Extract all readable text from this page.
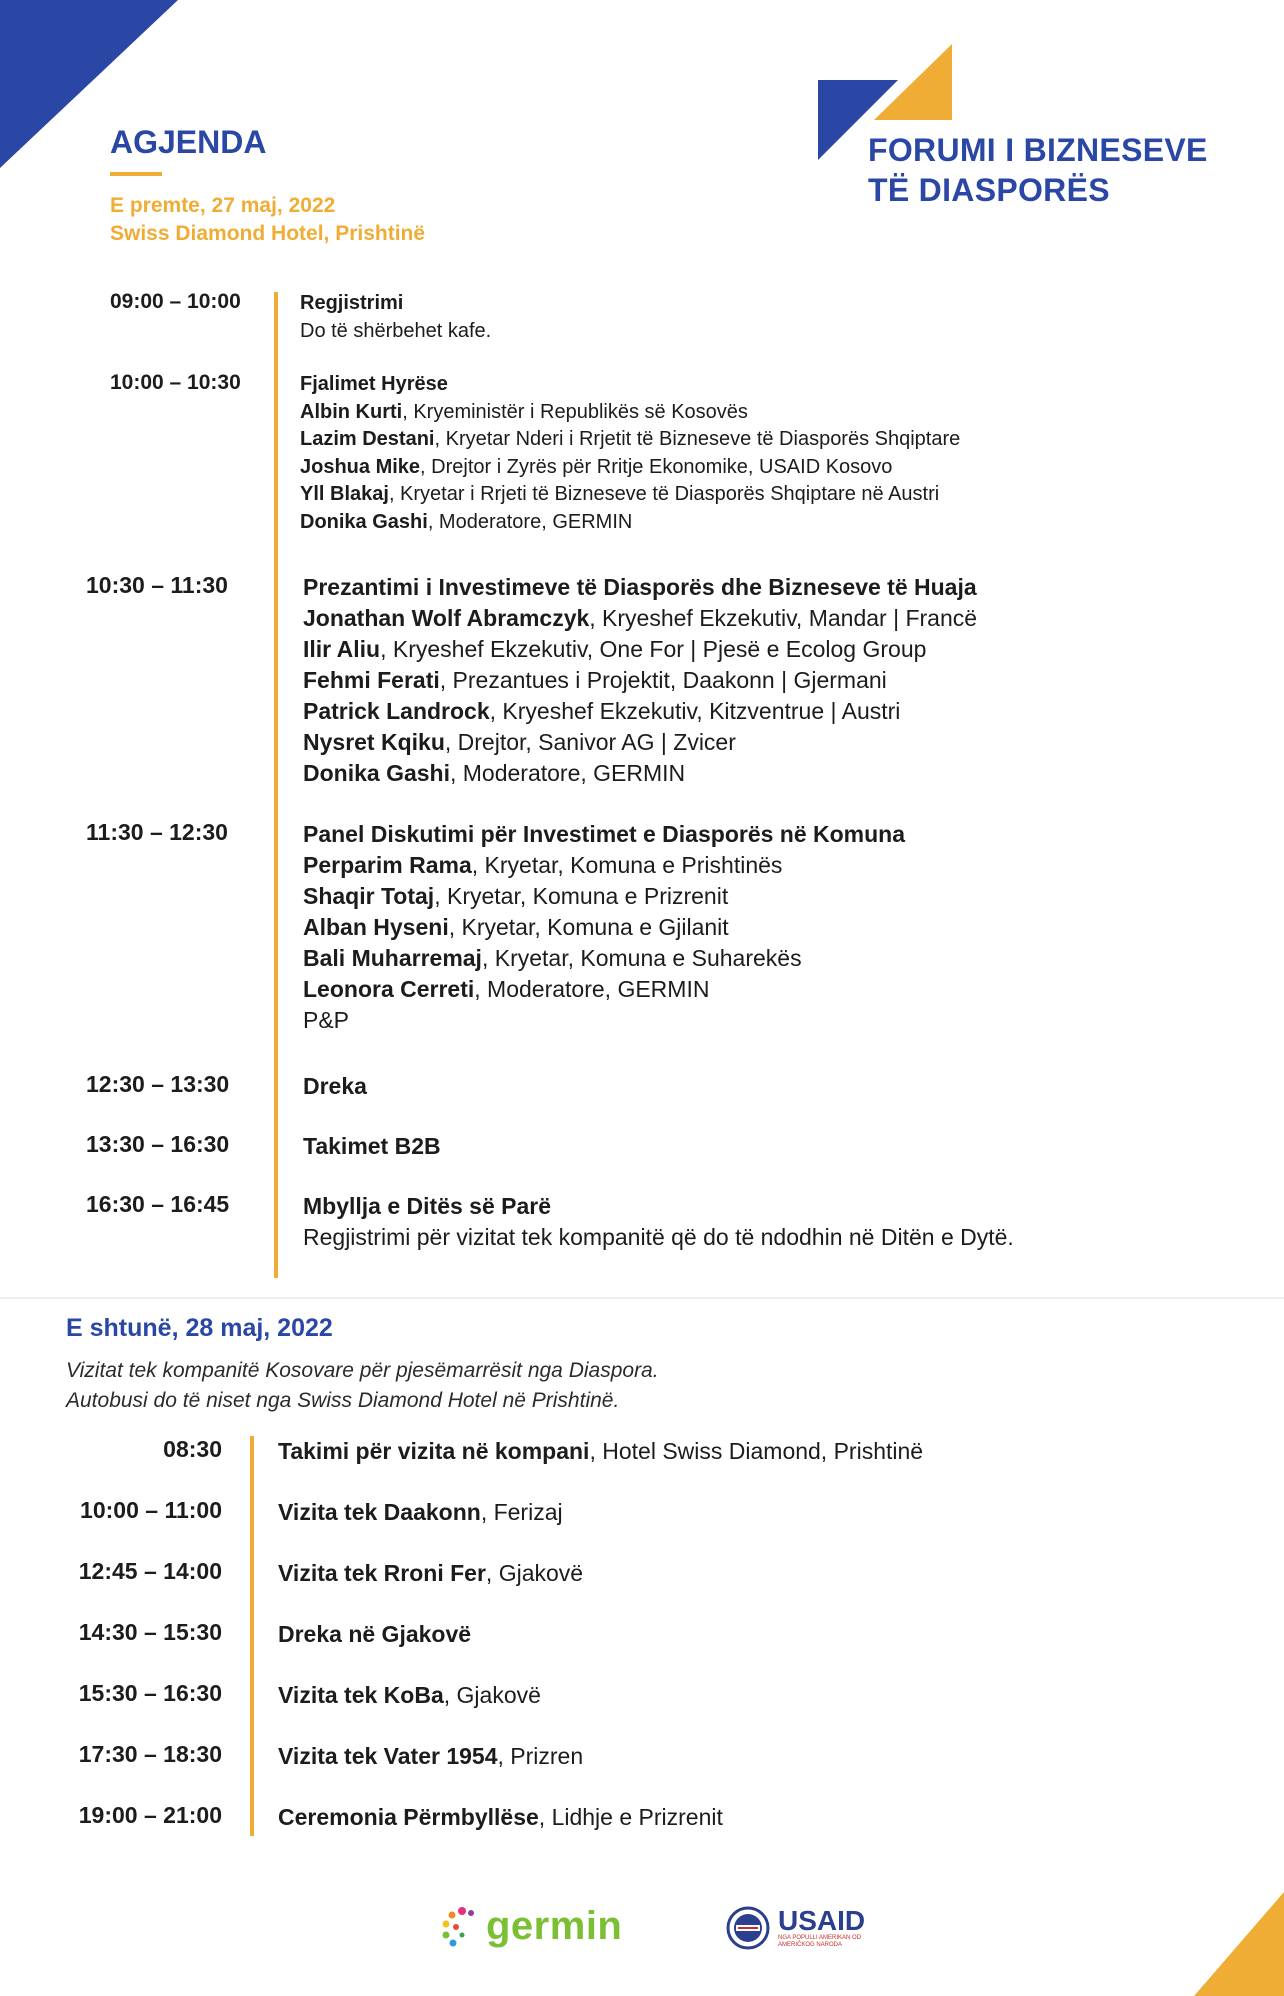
FORUMI I BIZNESEVE
TË DIASPORËS
AGJENDA
E premte, 27 maj, 2022
Swiss Diamond Hotel, Prishtinë
09:00 – 10:00	Regjistrimi
Do të shërbehet kafe.
10:00 – 10:30	Fjalimet Hyrëse
Albin Kurti, Kryeministër i Republikës së Kosovës
Lazim Destani, Kryetar Nderi i Rrjetit të Bizneseve të Diasporës Shqiptare
Joshua Mike, Drejtor i Zyrës për Rritje Ekonomike, USAID Kosovo
Yll Blakaj, Kryetar i Rrjeti të Bizneseve të Diasporës Shqiptare në Austri
Donika Gashi, Moderatore, GERMIN
10:30 – 11:30	Prezantimi i Investimeve të Diasporës dhe Bizneseve të Huaja
Jonathan Wolf Abramczyk, Kryeshef Ekzekutiv, Mandar | Francë
Ilir Aliu, Kryeshef Ekzekutiv, One For | Pjesë e Ecolog Group
Fehmi Ferati, Prezantues i Projektit, Daakonn | Gjermani
Patrick Landrock, Kryeshef Ekzekutiv, Kitzventrue | Austri
Nysret Kqiku, Drejtor, Sanivor AG | Zvicer
Donika Gashi, Moderatore, GERMIN
11:30 – 12:30	Panel Diskutimi për Investimet e Diasporës në Komuna
Perparim Rama, Kryetar, Komuna e Prishtinës
Shaqir Totaj, Kryetar, Komuna e Prizrenit
Alban Hyseni, Kryetar, Komuna e Gjilanit
Bali Muharremaj, Kryetar, Komuna e Suharekës
Leonora Cerreti, Moderatore, GERMIN
P&P
12:30 – 13:30	Dreka
13:30 – 16:30	Takimet B2B
16:30 – 16:45	Mbyllja e Ditës së Parë
Regjistrimi për vizitat tek kompanitë që do të ndodhin në Ditën e Dytë.
E shtunë, 28 maj, 2022
Vizitat tek kompanitë Kosovare për pjesëmarrësit nga Diaspora.
Autobusi do të niset nga Swiss Diamond Hotel në Prishtinë.
08:30 Takimi për vizita në kompani, Hotel Swiss Diamond, Prishtinë
10:00 – 11:00 Vizita tek Daakonn, Ferizaj
12:45 – 14:00 Vizita tek Rroni Fer, Gjakovë
14:30 – 15:30 Dreka në Gjakovë
15:30 – 16:30 Vizita tek KoBa, Gjakovë
17:30 – 18:30 Vizita tek Vater 1954, Prizren
19:00 – 21:00 Ceremonia Përmbyllëse, Lidhje e Prizrenit
germin	USAID
NGA POPULLI AMERIKAN OD AMERIČKOG NARODA
